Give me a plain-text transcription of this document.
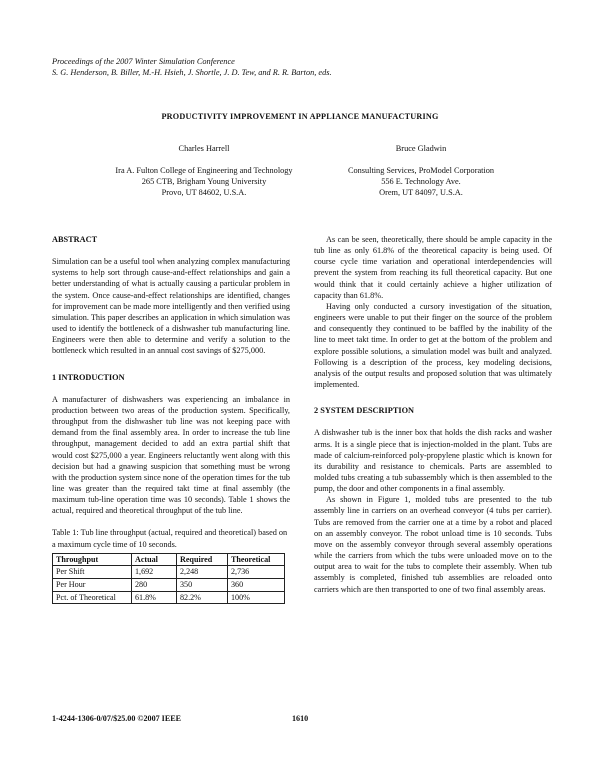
Proceedings of the 2007 Winter Simulation Conference
S. G. Henderson, B. Biller, M.-H. Hsieh, J. Shortle, J. D. Tew, and R. R. Barton, eds.
PRODUCTIVITY IMPROVEMENT IN APPLIANCE MANUFACTURING
Charles Harrell
Ira A. Fulton College of Engineering and Technology
265 CTB, Brigham Young University
Provo, UT 84602, U.S.A.
Bruce Gladwin
Consulting Services, ProModel Corporation
556 E. Technology Ave.
Orem, UT 84097, U.S.A.

ABSTRACT

Simulation can be a useful tool when analyzing complex manufacturing systems to help sort through cause-and-effect relationships and gain a better understanding of what is actually causing a particular problem in the system. Once cause-and-effect relationships are identified, changes for improvement can be made more intelligently and then verified using simulation. This paper describes an application in which simulation was used to identify the bottleneck of a dishwasher tub manufacturing line. Engineers were then able to determine and verify a solution to the bottleneck which resulted in an annual cost savings of $275,000.

1 INTRODUCTION

A manufacturer of dishwashers was experiencing an imbalance in production between two areas of the production system. Specifically, throughput from the dishwasher tub line was not keeping pace with demand from the final assembly area. In order to increase the tub line throughput, management decided to add an extra partial shift that would cost $275,000 a year. Engineers reluctantly went along with this decision but had a gnawing suspicion that something must be wrong with the production system since none of the operation times for the tub line was greater than the required takt time at final assembly (the maximum tub-line operation time was 10 seconds). Table 1 shows the actual, required and theoretical throughput of the tub line.

Table 1: Tub line throughput (actual, required and theoretical) based on a maximum cycle time of 10 seconds.

Throughput	Actual	Required	Theoretical
Per Shift	1,692	2,248	2,736
Per Hour	280	350	360
Pct. of Theoretical	61.8%	82.2%	100%

As can be seen, theoretically, there should be ample capacity in the tub line as only 61.8% of the theoretical capacity is being used. Of course cycle time variation and operational interdependencies will prevent the system from reaching its full theoretical capacity. But one would think that it could certainly achieve a higher utilization of capacity than 61.8%.

Having only conducted a cursory investigation of the situation, engineers were unable to put their finger on the source of the problem and consequently they continued to be baffled by the inability of the line to meet takt time. In order to get at the bottom of the problem and explore possible solutions, a simulation model was built and analyzed. Following is a description of the process, key modeling decisions, analysis of the output results and proposed solution that was ultimately implemented.

2 SYSTEM DESCRIPTION

A dishwasher tub is the inner box that holds the dish racks and washer arms. It is a single piece that is injection-molded in the plant. Tubs are made of calcium-reinforced poly-propylene plastic which is known for its durability and resistance to chemicals. Parts are assembled to molded tubs creating a tub subassembly which is then assembled to the pump, the door and other components in a final assembly.

As shown in Figure 1, molded tubs are presented to the tub assembly line in carriers on an overhead conveyor (4 tubs per carrier). Tubs are removed from the carrier one at a time by a robot and placed on an assembly conveyor. The robot unload time is 10 seconds. Tubs move on the assembly conveyor through several assembly operations while the carriers from which the tubs were unloaded move on to the output area to wait for the tubs to complete their assembly. When tub assembly is completed, finished tub assemblies are reloaded onto carriers which are then transported to one of two final assembly areas.

1-4244-1306-0/07/$25.00 ©2007 IEEE	1610
